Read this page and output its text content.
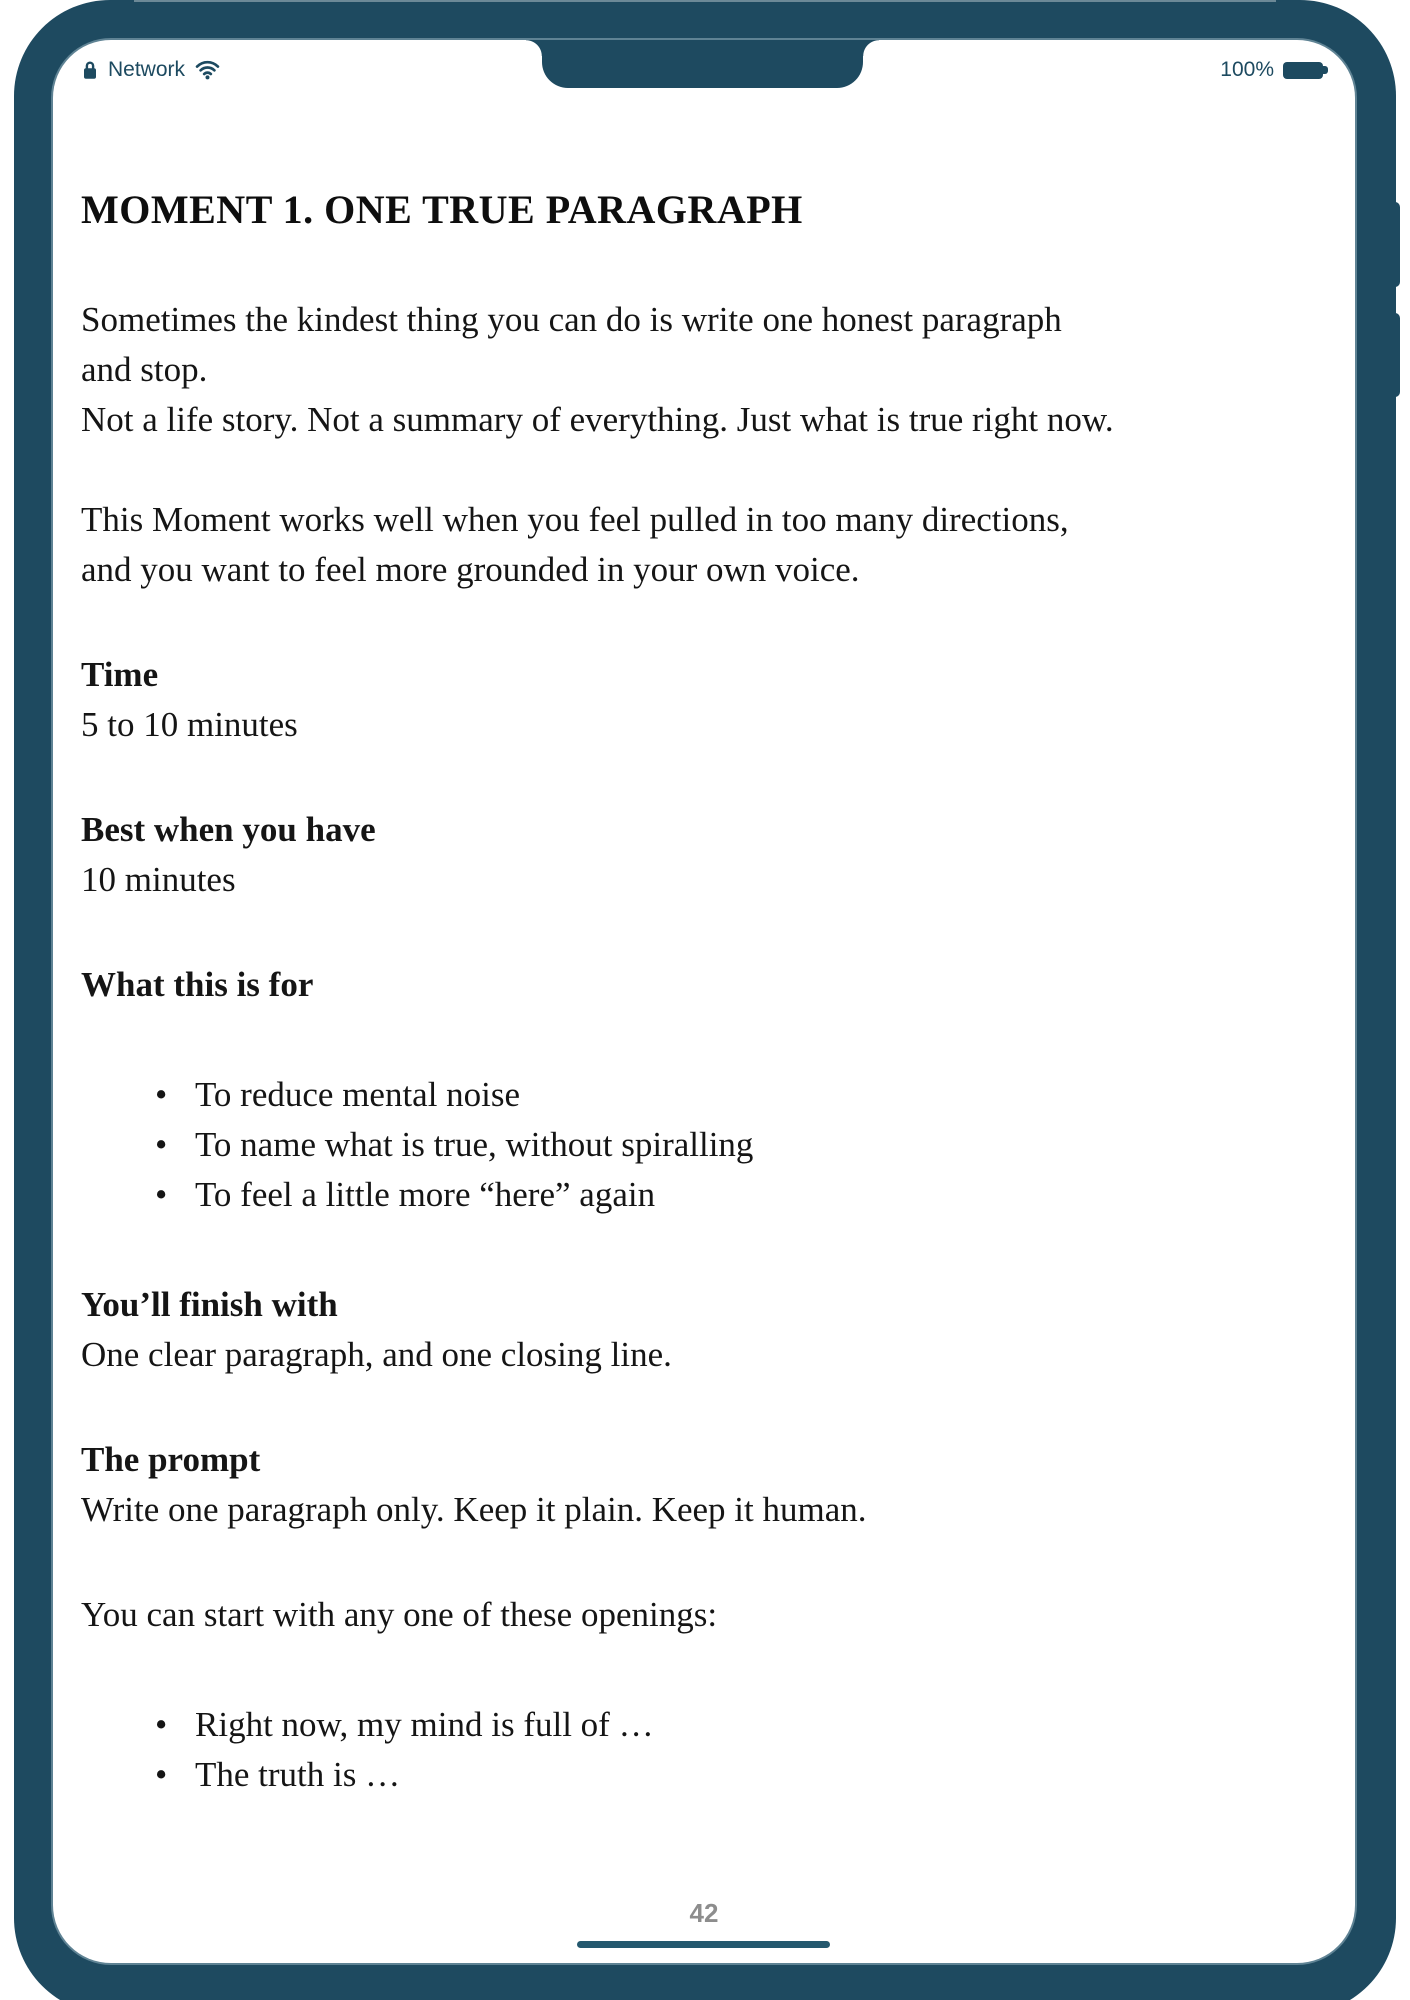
Network	100%
MOMENT 1. ONE TRUE PARAGRAPH

Sometimes the kindest thing you can do is write one honest paragraph
and stop.
Not a life story. Not a summary of everything. Just what is true right now.

This Moment works well when you feel pulled in too many directions,
and you want to feel more grounded in your own voice.

Time
5 to 10 minutes
Best when you have
10 minutes
What this is for
• To reduce mental noise
• To name what is true, without spiralling
• To feel a little more “here” again
You’ll finish with
One clear paragraph, and one closing line.
The prompt
Write one paragraph only. Keep it plain. Keep it human.
You can start with any one of these openings:
• Right now, my mind is full of …
• The truth is …
42
